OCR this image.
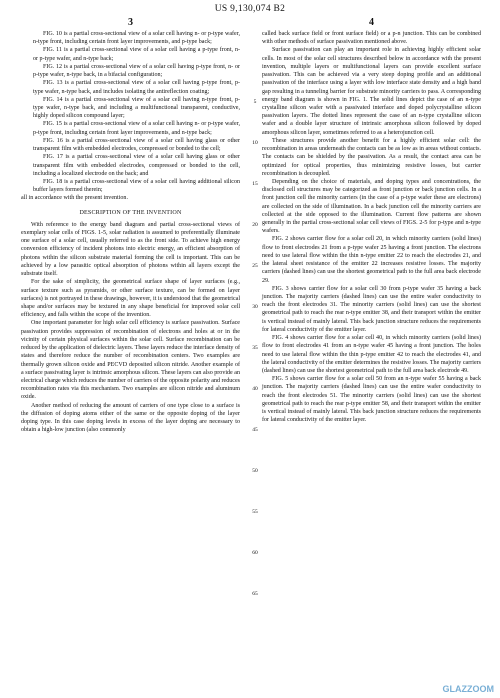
US 9,130,074 B2
3	4

FIG. 10 is a partial cross-sectional view of a solar cell having n- or p-type wafer, n-type front, including certain front layer improvements, and p-type back;

FIG. 11 is a partial cross-sectional view of a solar cell having a p-type front, n- or p-type wafer, and n-type back;

FIG. 12 is a partial cross-sectional view of a solar cell having p-type front, n- or p-type wafer, n-type back, in a bifacial configuration;

FIG. 13 is a partial cross-sectional view of a solar cell having p-type front, p-type wafer, n-type back, and includes isolating the antireflection coating;

FIG. 14 is a partial cross-sectional view of a solar cell having n-type front, p-type wafer, n-type back, and including a multifunctional transparent, conductive, highly doped silicon compound layer;

FIG. 15 is a partial cross-sectional view of a solar cell having n- or p-type wafer, p-type front, including certain front layer improvements, and n-type back;

FIG. 16 is a partial cross-sectional view of a solar cell having glass or other transparent film with embedded electrodes, compressed or bonded to the cell;

FIG. 17 is a partial cross-sectional view of a solar cell having glass or other transparent film with embedded electrodes, compressed or bonded to the cell, including a localized electrode on the back; and

FIG. 18 is a partial cross-sectional view of a solar cell having additional silicon buffer layers formed therein;

all in accordance with the present invention.

DESCRIPTION OF THE INVENTION

With reference to the energy band diagram and partial cross-sectional views of exemplary solar cells of FIGS. 1-5, solar radiation is assumed to preferentially illuminate one surface of a solar cell, usually referred to as the front side. To achieve high energy conversion efficiency of incident photons into electric energy, an efficient absorption of photons within the silicon substrate material forming the cell is important. This can be achieved by a low parasitic optical absorption of photons within all layers except the substrate itself.

For the sake of simplicity, the geometrical surface shape of layer surfaces (e.g., surface texture such as pyramids, or other surface texture, can be formed on layer surfaces) is not portrayed in these drawings, however, it is understood that the geometrical shape and/or surfaces may be textured in any shape beneficial for improved solar cell efficiency, and falls within the scope of the invention.

One important parameter for high solar cell efficiency is surface passivation. Surface passivation provides suppression of recombination of electrons and holes at or in the vicinity of certain physical surfaces within the solar cell. Surface recombination can be reduced by the application of dielectric layers. These layers reduce the interface density of states and therefore reduce the number of recombination centers. Two examples are thermally grown silicon oxide and PECVD deposited silicon nitride. Another example of a surface passivating layer is intrinsic amorphous silicon. These layers can also provide an electrical charge which reduces the number of carriers of the opposite polarity and reduces recombination rates via this mechanism. Two examples are silicon nitride and aluminum oxide.

Another method of reducing the amount of carriers of one type close to a surface is the diffusion of doping atoms either of the same or the opposite doping of the layer doping type. In this case doping levels in excess of the layer doping are necessary to obtain a high-low junction (also commonly

called back surface field or front surface field) or a p-n junction. This can be combined with other methods of surface passivation mentioned above.

Surface passivation can play an important role in achieving highly efficient solar cells. In most of the solar cell structures described below in accordance with the present invention, multiple layers or multifunctional layers can provide excellent surface passivation. This can be achieved via a very steep doping profile and an additional passivation of the interface using a layer with low interface state density and a high band gap resulting in a tunneling barrier for substrate minority carriers to pass. A corresponding energy band diagram is shown in FIG. 1. The solid lines depict the case of an n-type crystalline silicon wafer with a passivated interface and doped polycrystalline silicon passivation layers. The dotted lines represent the case of an n-type crystalline silicon wafer and a double layer structure of intrinsic amorphous silicon followed by doped amorphous silicon layer, sometimes referred to as a heterojunction cell.

These structures provide another benefit for a highly efficient solar cell: the recombination in areas underneath the contacts can be as low as in areas without contacts. The contacts can be shielded by the passivation. As a result, the contact area can be optimized for optical properties, thus minimizing resistive losses, but carrier recombination is decoupled.

Depending on the choice of materials, and doping types and concentrations, the disclosed cell structures may be categorized as front junction or back junction cells. In a front junction cell the minority carriers (in the case of a p-type wafer these are electrons) are collected on the side of illumination. In a back junction cell the minority carriers are collected at the side opposed to the illumination. Current flow patterns are shown generally in the partial cross-sectional solar cell views of FIGS. 2-5 for p-type and n-type wafers.

FIG. 2 shows carrier flow for a solar cell 20, in which minority carriers (solid lines) flow to front electrodes 21 from a p-type wafer 25 having a front junction. The electrons need to use lateral flow within the thin n-type emitter 22 to reach the electrodes 21, and the lateral sheet resistance of the emitter 22 increases resistive losses. The majority carriers (dashed lines) can use the shortest geometrical path to the full area back electrode 29.

FIG. 3 shows carrier flow for a solar cell 30 from p-type wafer 35 having a back junction. The majority carriers (dashed lines) can use the entire wafer conductivity to reach the front electrodes 31. The minority carriers (solid lines) can use the shortest geometrical path to reach the rear n-type emitter 38, and their transport within the emitter is vertical instead of mainly lateral. This back junction structure reduces the requirements for lateral conductivity of the emitter layer.

FIG. 4 shows carrier flow for a solar cell 40, in which minority carriers (solid lines) flow to front electrodes 41 from an n-type wafer 45 having a front junction. The holes need to use lateral flow within the thin p-type emitter 42 to reach the electrodes 41, and the lateral conductivity of the emitter determines the resistive losses. The majority carriers (dashed lines) can use the shortest geometrical path to the full area back electrode 49.

FIG. 5 shows carrier flow for a solar cell 50 from an n-type wafer 55 having a back junction. The majority carriers (dashed lines) can use the entire wafer conductivity to reach the front electrodes 51. The minority carriers (solid lines) can use the shortest geometrical path to reach the rear p-type emitter 58, and their transport within the emitter is vertical instead of mainly lateral. This back junction structure reduces the requirements for lateral conductivity of the emitter layer.

5
10
15
20
25
30
35
40
45
50
55
60
65
GLAZZOOM
